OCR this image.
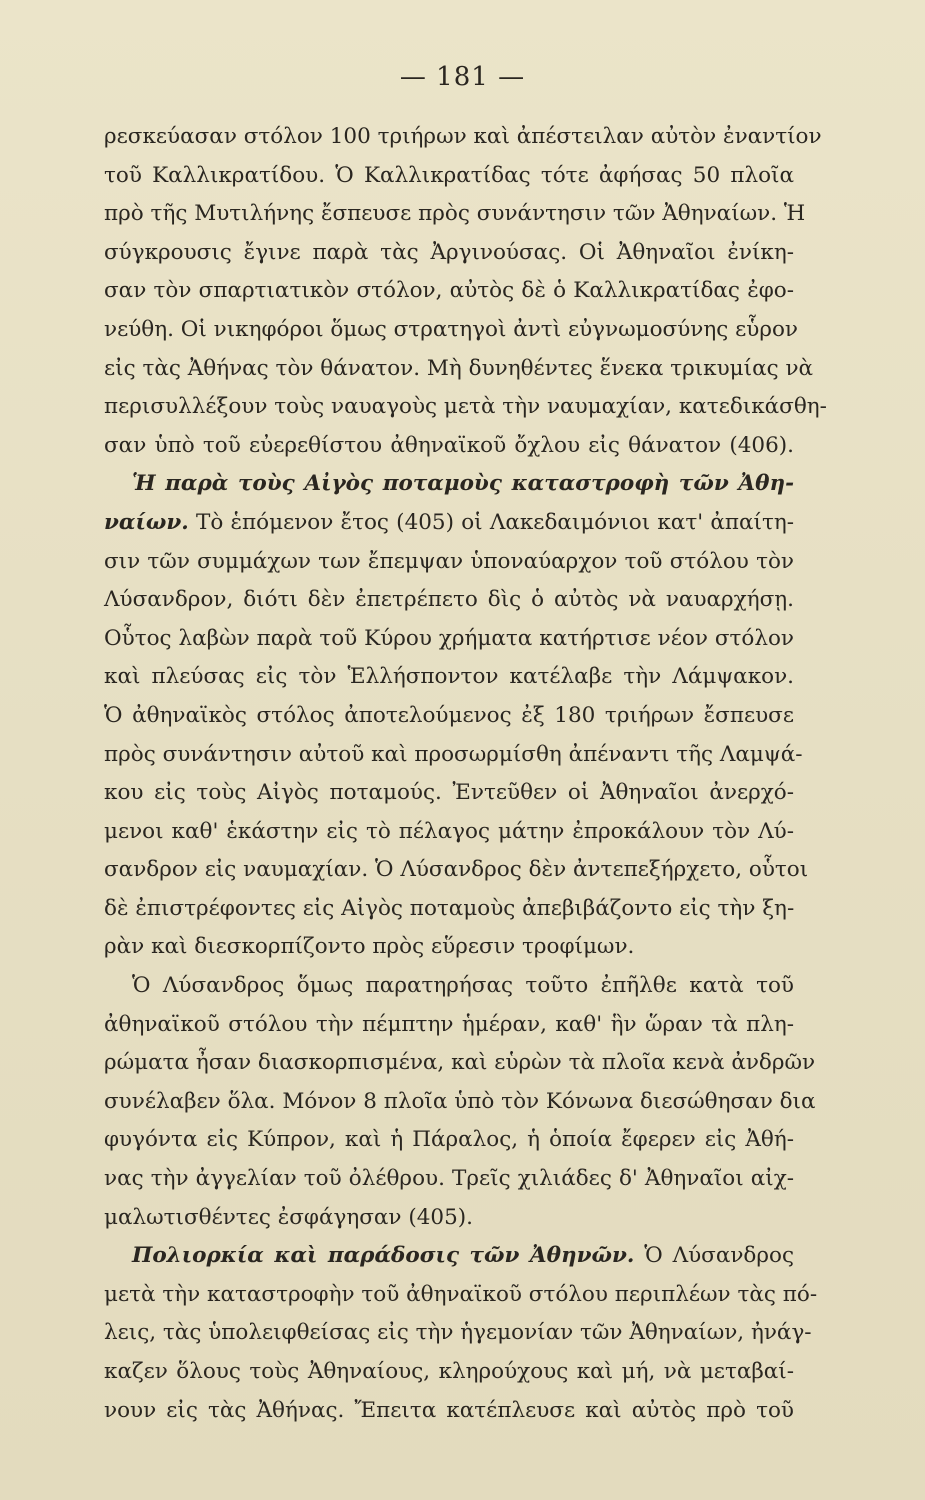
— 181 —
ρεσκεύασαν στόλον 100 τριήρων καὶ ἀπέστειλαν αὐτὸν ἐναντίον
τοῦ Καλλικρατίδου. Ὁ Καλλικρατίδας τότε ἀφήσας 50 πλοῖα
πρὸ τῆς Μυτιλήνης ἔσπευσε πρὸς συνάντησιν τῶν Ἀθηναίων. Ἡ
σύγκρουσις ἔγινε παρὰ τὰς Ἀργινούσας. Οἱ Ἀθηναῖοι ἐνίκη-
σαν τὸν σπαρτιατικὸν στόλον, αὐτὸς δὲ ὁ Καλλικρατίδας ἐφο-
νεύθη. Οἱ νικηφόροι ὅμως στρατηγοὶ ἀντὶ εὐγνωμοσύνης εὗρον
εἰς τὰς Ἀθήνας τὸν θάνατον. Μὴ δυνηθέντες ἕνεκα τρικυμίας νὰ
περισυλλέξουν τοὺς ναυαγοὺς μετὰ τὴν ναυμαχίαν, κατεδικάσθη-
σαν ὑπὸ τοῦ εὐερεθίστου ἀθηναϊκοῦ ὄχλου εἰς θάνατον (406).
Ἡ παρὰ τοὺς Αἰγὸς ποταμοὺς καταστροφὴ τῶν Ἀθη-
ναίων. Τὸ ἑπόμενον ἔτος (405) οἱ Λακεδαιμόνιοι κατ' ἀπαίτη-
σιν τῶν συμμάχων των ἔπεμψαν ὑποναύαρχον τοῦ στόλου τὸν
Λύσανδρον, διότι δὲν ἐπετρέπετο δὶς ὁ αὐτὸς νὰ ναυαρχήσῃ.
Οὗτος λαβὼν παρὰ τοῦ Κύρου χρήματα κατήρτισε νέον στόλον
καὶ πλεύσας εἰς τὸν Ἑλλήσποντον κατέλαβε τὴν Λάμψακον.
Ὁ ἀθηναϊκὸς στόλος ἀποτελούμενος ἐξ 180 τριήρων ἔσπευσε
πρὸς συνάντησιν αὐτοῦ καὶ προσωρμίσθη ἀπέναντι τῆς Λαμψά-
κου εἰς τοὺς Αἰγὸς ποταμούς. Ἐντεῦθεν οἱ Ἀθηναῖοι ἀνερχό-
μενοι καθ' ἑκάστην εἰς τὸ πέλαγος μάτην ἐπροκάλουν τὸν Λύ-
σανδρον εἰς ναυμαχίαν. Ὁ Λύσανδρος δὲν ἀντεπεξήρχετο, οὗτοι
δὲ ἐπιστρέφοντες εἰς Αἰγὸς ποταμοὺς ἀπεβιβάζοντο εἰς τὴν ξη-
ρὰν καὶ διεσκορπίζοντο πρὸς εὕρεσιν τροφίμων.
Ὁ Λύσανδρος ὅμως παρατηρήσας τοῦτο ἐπῆλθε κατὰ τοῦ
ἀθηναϊκοῦ στόλου τὴν πέμπτην ἡμέραν, καθ' ἣν ὥραν τὰ πλη-
ρώματα ἦσαν διασκορπισμένα, καὶ εὑρὼν τὰ πλοῖα κενὰ ἀνδρῶν
συνέλαβεν ὅλα. Μόνον 8 πλοῖα ὑπὸ τὸν Κόνωνα διεσώθησαν δια
φυγόντα εἰς Κύπρον, καὶ ἡ Πάραλος, ἡ ὁποία ἔφερεν εἰς Ἀθή-
νας τὴν ἀγγελίαν τοῦ ὀλέθρου. Τρεῖς χιλιάδες δ' Ἀθηναῖοι αἰχ-
μαλωτισθέντες ἐσφάγησαν (405).
Πολιορκία καὶ παράδοσις τῶν Ἀθηνῶν. Ὁ Λύσανδρος
μετὰ τὴν καταστροφὴν τοῦ ἀθηναϊκοῦ στόλου περιπλέων τὰς πό-
λεις, τὰς ὑπολειφθείσας εἰς τὴν ἡγεμονίαν τῶν Ἀθηναίων, ἠνάγ-
καζεν ὅλους τοὺς Ἀθηναίους, κληρούχους καὶ μή, νὰ μεταβαί-
νουν εἰς τὰς Ἀθήνας. Ἔπειτα κατέπλευσε καὶ αὐτὸς πρὸ τοῦ
